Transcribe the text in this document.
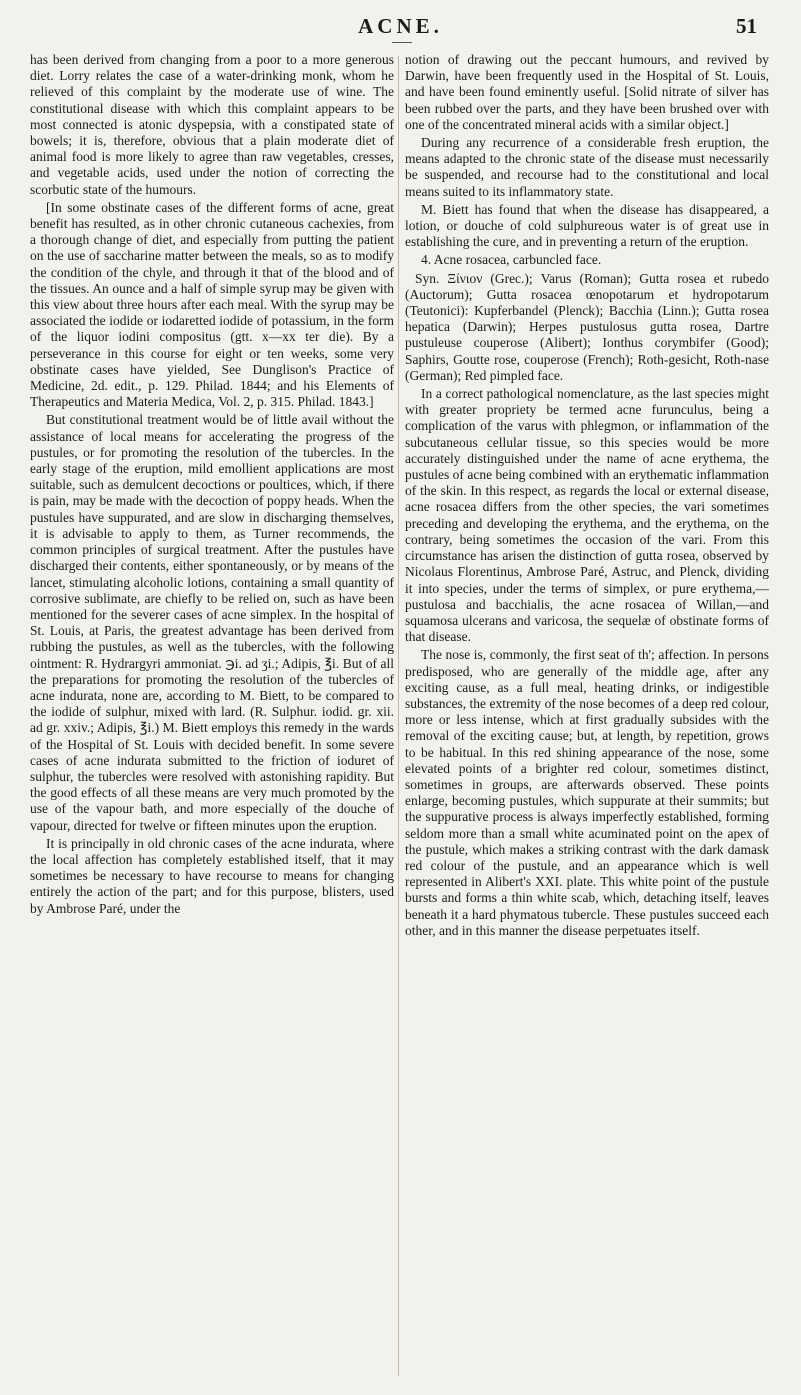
ACNE.	51

has been derived from changing from a poor to a more generous diet. Lorry relates the case of a water-drinking monk, whom he relieved of this complaint by the moderate use of wine. The constitutional disease with which this complaint appears to be most connected is atonic dyspepsia, with a constipated state of bowels; it is, therefore, obvious that a plain moderate diet of animal food is more likely to agree than raw vegetables, cresses, and vegetable acids, used under the notion of correcting the scorbutic state of the humours.

[In some obstinate cases of the different forms of acne, great benefit has resulted, as in other chronic cutaneous cachexies, from a thorough change of diet, and especially from putting the patient on the use of saccharine matter between the meals, so as to modify the condition of the chyle, and through it that of the blood and of the tissues. An ounce and a half of simple syrup may be given with this view about three hours after each meal. With the syrup may be associated the iodide or iodaretted iodide of potassium, in the form of the liquor iodini compositus (gtt. x—xx ter die). By a perseverance in this course for eight or ten weeks, some very obstinate cases have yielded, See Dunglison's Practice of Medicine, 2d. edit., p. 129. Philad. 1844; and his Elements of Therapeutics and Materia Medica, Vol. 2, p. 315. Philad. 1843.]

But constitutional treatment would be of little avail without the assistance of local means for accelerating the progress of the pustules, or for promoting the resolution of the tubercles. In the early stage of the eruption, mild emollient applications are most suitable, such as demulcent decoctions or poultices, which, if there is pain, may be made with the decoction of poppy heads. When the pustules have suppurated, and are slow in discharging themselves, it is advisable to apply to them, as Turner recommends, the common principles of surgical treatment. After the pustules have discharged their contents, either spontaneously, or by means of the lancet, stimulating alcoholic lotions, containing a small quantity of corrosive sublimate, are chiefly to be relied on, such as have been mentioned for the severer cases of acne simplex. In the hospital of St. Louis, at Paris, the greatest advantage has been derived from rubbing the pustules, as well as the tubercles, with the following ointment: R. Hydrargyri ammoniat. ℈i. ad ʒi.; Adipis, ℥i. But of all the preparations for promoting the resolution of the tubercles of acne indurata, none are, according to M. Biett, to be compared to the iodide of sulphur, mixed with lard. (R. Sulphur. iodid. gr. xii. ad gr. xxiv.; Adipis, ℥i.) M. Biett employs this remedy in the wards of the Hospital of St. Louis with decided benefit. In some severe cases of acne indurata submitted to the friction of ioduret of sulphur, the tubercles were resolved with astonishing rapidity. But the good effects of all these means are very much promoted by the use of the vapour bath, and more especially of the douche of vapour, directed for twelve or fifteen minutes upon the eruption.

It is principally in old chronic cases of the acne indurata, where the local affection has completely established itself, that it may sometimes be necessary to have recourse to means for changing entirely the action of the part; and for this purpose, blisters, used by Ambrose Paré, under the

notion of drawing out the peccant humours, and revived by Darwin, have been frequently used in the Hospital of St. Louis, and have been found eminently useful. [Solid nitrate of silver has been rubbed over the parts, and they have been brushed over with one of the concentrated mineral acids with a similar object.]

During any recurrence of a considerable fresh eruption, the means adapted to the chronic state of the disease must necessarily be suspended, and recourse had to the constitutional and local means suited to its inflammatory state.

M. Biett has found that when the disease has disappeared, a lotion, or douche of cold sulphureous water is of great use in establishing the cure, and in preventing a return of the eruption.

4. Acne rosacea, carbuncled face.

Syn. Ξίνιον (Grec.); Varus (Roman); Gutta rosea et rubedo (Auctorum); Gutta rosacea œnopotarum et hydropotarum (Teutonici): Kupferbandel (Plenck); Bacchia (Linn.); Gutta rosea hepatica (Darwin); Herpes pustulosus gutta rosea, Dartre pustuleuse couperose (Alibert); Ionthus corymbifer (Good); Saphirs, Goutte rose, couperose (French); Roth-gesicht, Roth-nase (German); Red pimpled face.

In a correct pathological nomenclature, as the last species might with greater propriety be termed acne furunculus, being a complication of the varus with phlegmon, or inflammation of the subcutaneous cellular tissue, so this species would be more accurately distinguished under the name of acne erythema, the pustules of acne being combined with an erythematic inflammation of the skin. In this respect, as regards the local or external disease, acne rosacea differs from the other species, the vari sometimes preceding and developing the erythema, and the erythema, on the contrary, being sometimes the occasion of the vari. From this circumstance has arisen the distinction of gutta rosea, observed by Nicolaus Florentinus, Ambrose Paré, Astruc, and Plenck, dividing it into species, under the terms of simplex, or pure erythema,—pustulosa and bacchialis, the acne rosacea of Willan,—and squamosa ulcerans and varicosa, the sequelæ of obstinate forms of that disease.

The nose is, commonly, the first seat of th'; affection. In persons predisposed, who are generally of the middle age, after any exciting cause, as a full meal, heating drinks, or indigestible substances, the extremity of the nose becomes of a deep red colour, more or less intense, which at first gradually subsides with the removal of the exciting cause; but, at length, by repetition, grows to be habitual. In this red shining appearance of the nose, some elevated points of a brighter red colour, sometimes distinct, sometimes in groups, are afterwards observed. These points enlarge, becoming pustules, which suppurate at their summits; but the suppurative process is always imperfectly established, forming seldom more than a small white acuminated point on the apex of the pustule, which makes a striking contrast with the dark damask red colour of the pustule, and an appearance which is well represented in Alibert's XXI. plate. This white point of the pustule bursts and forms a thin white scab, which, detaching itself, leaves beneath it a hard phymatous tubercle. These pustules succeed each other, and in this manner the disease perpetuates itself.
